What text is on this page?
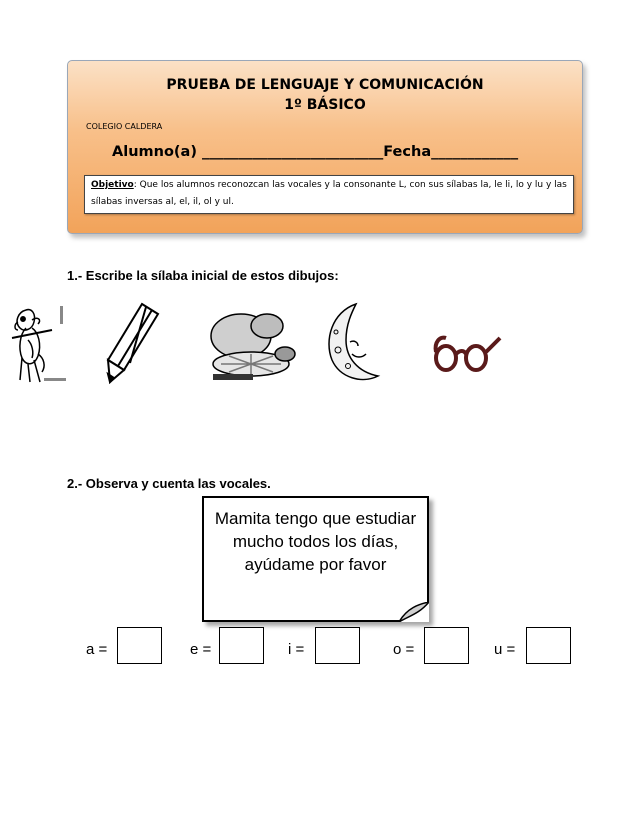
PRUEBA DE LENGUAJE Y COMUNICACIÓN
1º BÁSICO
COLEGIO CALDERA
Alumno(a) _________________________Fecha____________
Objetivo: Que los alumnos reconozcan las vocales y la consonante L, con sus sílabas la, le li, lo y lu y las sílabas inversas al, el, il, ol y ul.
1.- Escribe la sílaba inicial de estos dibujos:
2.- Observa y cuenta las vocales.
Mamita tengo que estudiar mucho todos los días, ayúdame por favor
a =	e =	i =	o =	u =
